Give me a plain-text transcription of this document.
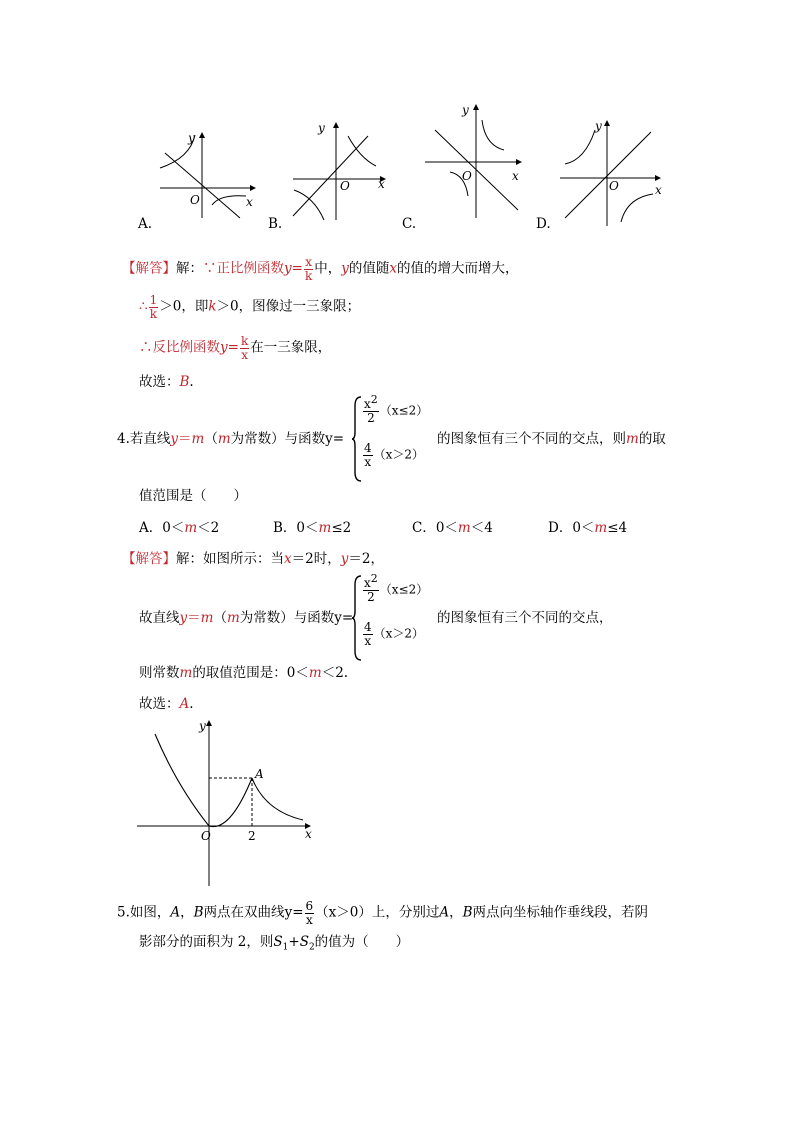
y
x
O
y
x
O
y
x
O
y
x
O
A.	B.	C.	D.
【解答】解：∵正比例函数$y= \frac{x}{k}$ 中，y的值随x的值的增大而增大，
∴ $\frac{1}{k} >0$，即k＞0，图像过一三象限；
∴反比例函数$y= \frac{k}{x}$ 在一三象限，
故选：B.
4.若直线y＝m（m为常数）与函数y=
$\frac{x2}{2} (x\le 2)$
$\frac{4}{x} (x>2)$
的图象恒有三个不同的交点，则m的取
值范围是（　　）
A．0＜m＜2	B．0＜m≤2	C．0＜m＜4	D．0＜m≤4
【解答】解：如图所示：当x＝2时，y＝2，
故直线y＝m（m为常数）与函数y=
$\frac{x2}{2} (x\le 2)$
$\frac{4}{x} (x>2)$
的图象恒有三个不同的交点，
则常数m的取值范围是：0＜m＜2.
故选：A.
y
x
O
A
2
5.如图，A，B两点在双曲线$y= \frac{6}{x} (x>0)$上，分别过A，B两点向坐标轴作垂线段，若阴
影部分的面积为 2，则$S_1+S_2$的值为（　　）
